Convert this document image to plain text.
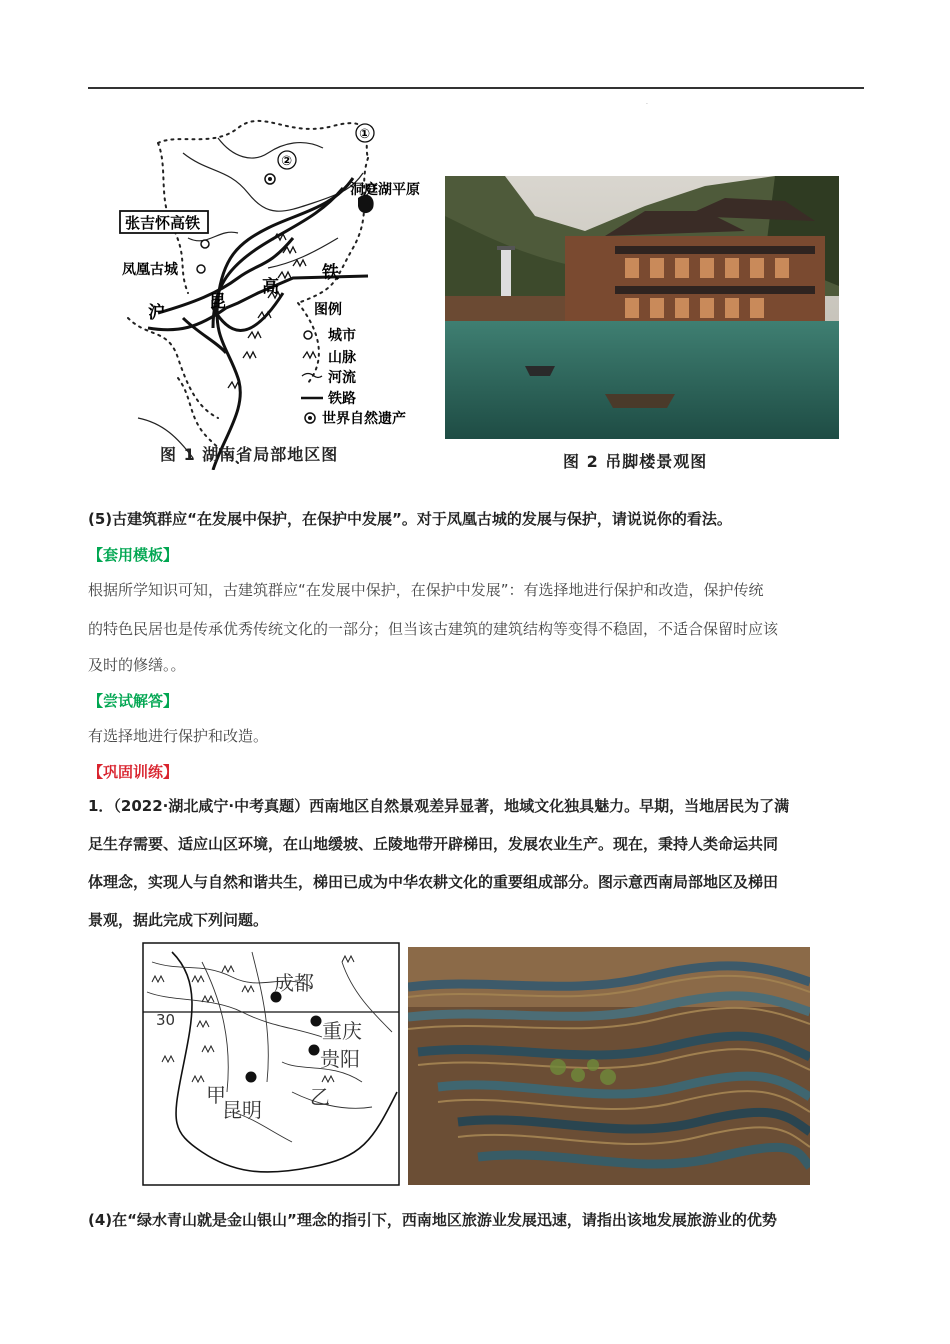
.
①
②
洞庭湖平原
张吉怀高铁
凤凰古城
沪
昆
高
铁
图例
城市
山脉
河流
铁路
世界自然遗产
图 1 湖南省局部地区图	图 2 吊脚楼景观图
(5)古建筑群应“在发展中保护，在保护中发展”。对于凤凰古城的发展与保护，请说说你的看法。
【套用模板】
根据所学知识可知，古建筑群应“在发展中保护，在保护中发展”：有选择地进行保护和改造，保护传统
的特色民居也是传承优秀传统文化的一部分；但当该古建筑的建筑结构等变得不稳固，不适合保留时应该
及时的修缮。。
【尝试解答】
有选择地进行保护和改造。
【巩固训练】
1．（2022·湖北咸宁·中考真题）西南地区自然景观差异显著，地域文化独具魅力。早期，当地居民为了满
足生存需要、适应山区环境，在山地缓坡、丘陵地带开辟梯田，发展农业生产。现在，秉持人类命运共同
体理念，实现人与自然和谐共生，梯田已成为中华农耕文化的重要组成部分。图示意西南局部地区及梯田
景观，据此完成下列问题。
成都
重庆
贵阳
昆明
甲	乙
30
(4)在“绿水青山就是金山银山”理念的指引下，西南地区旅游业发展迅速，请指出该地发展旅游业的优势
